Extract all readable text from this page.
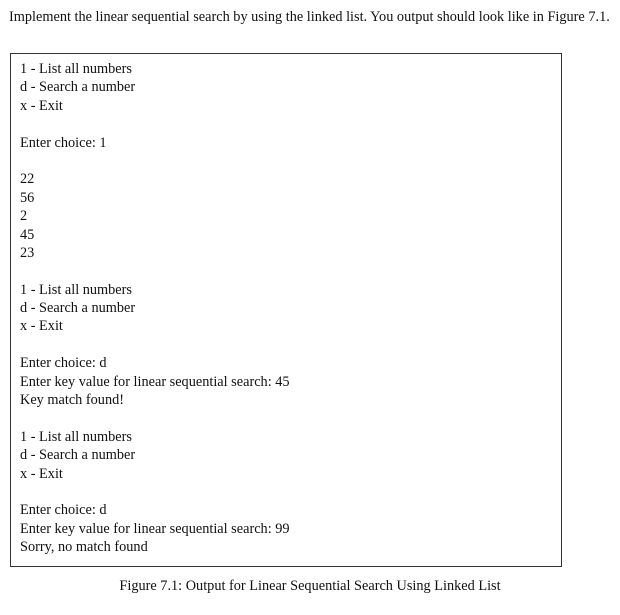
Implement the linear sequential search by using the linked list. You output should look like in Figure 7.1.

1 - List all numbers
d - Search a number
x - Exit
Enter choice: 1
22
56
2
45
23
1 - List all numbers
d - Search a number
x - Exit
Enter choice: d
Enter key value for linear sequential search: 45
Key match found!
1 - List all numbers
d - Search a number
x - Exit
Enter choice: d
Enter key value for linear sequential search: 99
Sorry, no match found
Figure 7.1: Output for Linear Sequential Search Using Linked List
